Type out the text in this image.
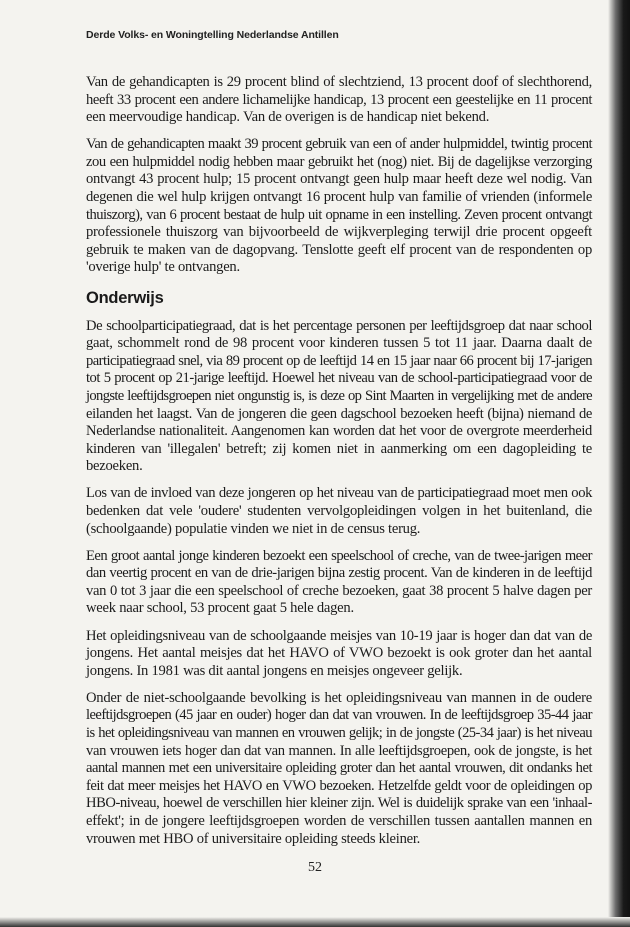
Derde Volks- en Woningtelling Nederlandse Antillen
Van de gehandicapten is 29 procent blind of slechtziend, 13 procent doof of slechthorend,
heeft 33 procent een andere lichamelijke handicap, 13 procent een geestelijke en 11 procent
een meervoudige handicap. Van de overigen is de handicap niet bekend.
Van de gehandicapten maakt 39 procent gebruik van een of ander hulpmiddel, twintig procent
zou een hulpmiddel nodig hebben maar gebruikt het (nog) niet. Bij de dagelijkse verzorging
ontvangt 43 procent hulp; 15 procent ontvangt geen hulp maar heeft deze wel nodig. Van
degenen die wel hulp krijgen ontvangt 16 procent hulp van familie of vrienden (informele
thuiszorg), van 6 procent bestaat de hulp uit opname in een instelling. Zeven procent ontvangt
professionele thuiszorg van bijvoorbeeld de wijkverpleging terwijl drie procent opgeeft
gebruik te maken van de dagopvang. Tenslotte geeft elf procent van de respondenten op
'overige hulp' te ontvangen.
Onderwijs
De schoolparticipatiegraad, dat is het percentage personen per leeftijdsgroep dat naar school
gaat, schommelt rond de 98 procent voor kinderen tussen 5 tot 11 jaar. Daarna daalt de
participatiegraad snel, via 89 procent op de leeftijd 14 en 15 jaar naar 66 procent bij 17-jarigen
tot 5 procent op 21-jarige leeftijd. Hoewel het niveau van de school-participatiegraad voor de
jongste leeftijdsgroepen niet ongunstig is, is deze op Sint Maarten in vergelijking met de andere
eilanden het laagst. Van de jongeren die geen dagschool bezoeken heeft (bijna) niemand de
Nederlandse nationaliteit. Aangenomen kan worden dat het voor de overgrote meerderheid
kinderen van 'illegalen' betreft; zij komen niet in aanmerking om een dagopleiding te
bezoeken.
Los van de invloed van deze jongeren op het niveau van de participatiegraad moet men ook
bedenken dat vele 'oudere' studenten vervolgopleidingen volgen in het buitenland, die
(schoolgaande) populatie vinden we niet in de census terug.
Een groot aantal jonge kinderen bezoekt een speelschool of creche, van de twee-jarigen meer
dan veertig procent en van de drie-jarigen bijna zestig procent. Van de kinderen in de leeftijd
van 0 tot 3 jaar die een speelschool of creche bezoeken, gaat 38 procent 5 halve dagen per
week naar school, 53 procent gaat 5 hele dagen.
Het opleidingsniveau van de schoolgaande meisjes van 10-19 jaar is hoger dan dat van de
jongens. Het aantal meisjes dat het HAVO of VWO bezoekt is ook groter dan het aantal
jongens. In 1981 was dit aantal jongens en meisjes ongeveer gelijk.
Onder de niet-schoolgaande bevolking is het opleidingsniveau van mannen in de oudere
leeftijdsgroepen (45 jaar en ouder) hoger dan dat van vrouwen. In de leeftijdsgroep 35-44 jaar
is het opleidingsniveau van mannen en vrouwen gelijk; in de jongste (25-34 jaar) is het niveau
van vrouwen iets hoger dan dat van mannen. In alle leeftijdsgroepen, ook de jongste, is het
aantal mannen met een universitaire opleiding groter dan het aantal vrouwen, dit ondanks het
feit dat meer meisjes het HAVO en VWO bezoeken. Hetzelfde geldt voor de opleidingen op
HBO-niveau, hoewel de verschillen hier kleiner zijn. Wel is duidelijk sprake van een 'inhaal-
effekt'; in de jongere leeftijdsgroepen worden de verschillen tussen aantallen mannen en
vrouwen met HBO of universitaire opleiding steeds kleiner.
52
